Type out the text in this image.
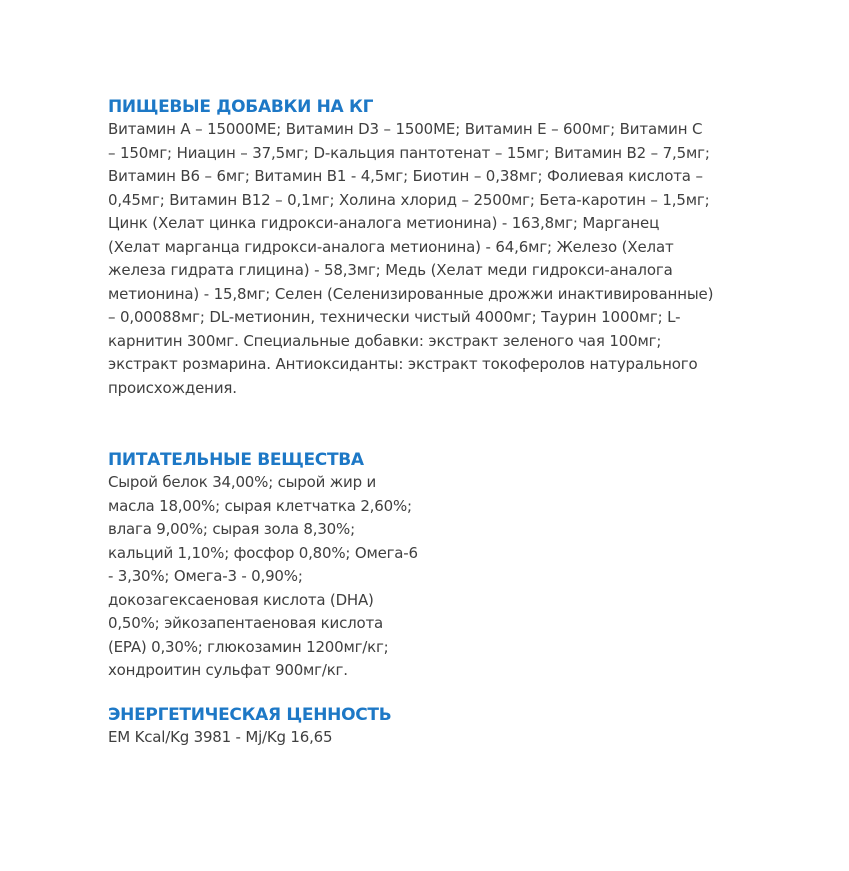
ПИЩЕВЫЕ ДОБАВКИ НА КГ

Витамин А – 15000МЕ; Витамин D3 – 1500МЕ; Витамин Е – 600мг; Витамин С

– 150мг; Ниацин – 37,5мг; D-кальция пантотенат – 15мг; Витамин В2 – 7,5мг;

Витамин В6 – 6мг; Витамин В1 - 4,5мг; Биотин – 0,38мг; Фолиевая кислота –

0,45мг; Витамин В12 – 0,1мг; Холина хлорид – 2500мг; Бета-каротин – 1,5мг;

Цинк (Хелат цинка гидрокси-аналога метионина) - 163,8мг; Марганец

(Хелат марганца гидрокси-аналога метионина) - 64,6мг; Железо (Хелат

железа гидрата глицина) - 58,3мг; Медь (Хелат меди гидрокси-аналога

метионина) - 15,8мг; Селен (Селенизированные дрожжи инактивированные)

– 0,00088мг; DL-метионин, технически чистый 4000мг; Таурин 1000мг; L-

карнитин 300мг. Специальные добавки: экстракт зеленого чая 100мг;

экстракт розмарина. Антиоксиданты: экстракт токоферолов натурального

происхождения.

ПИТАТЕЛЬНЫЕ ВЕЩЕСТВА

Сырой белок 34,00%; сырой жир и

масла 18,00%; сырая клетчатка 2,60%;

влага 9,00%; сырая зола 8,30%;

кальций 1,10%; фосфор 0,80%; Омега-6

- 3,30%; Омега-3 - 0,90%;

докозагексаеновая кислота (DHA)

0,50%; эйкозапентаеновая кислота

(EPA) 0,30%; глюкозамин 1200мг/кг;

хондроитин сульфат 900мг/кг.

ЭНЕРГЕТИЧЕСКАЯ ЦЕННОСТЬ

EM Kcal/Kg 3981 - Mj/Kg 16,65
